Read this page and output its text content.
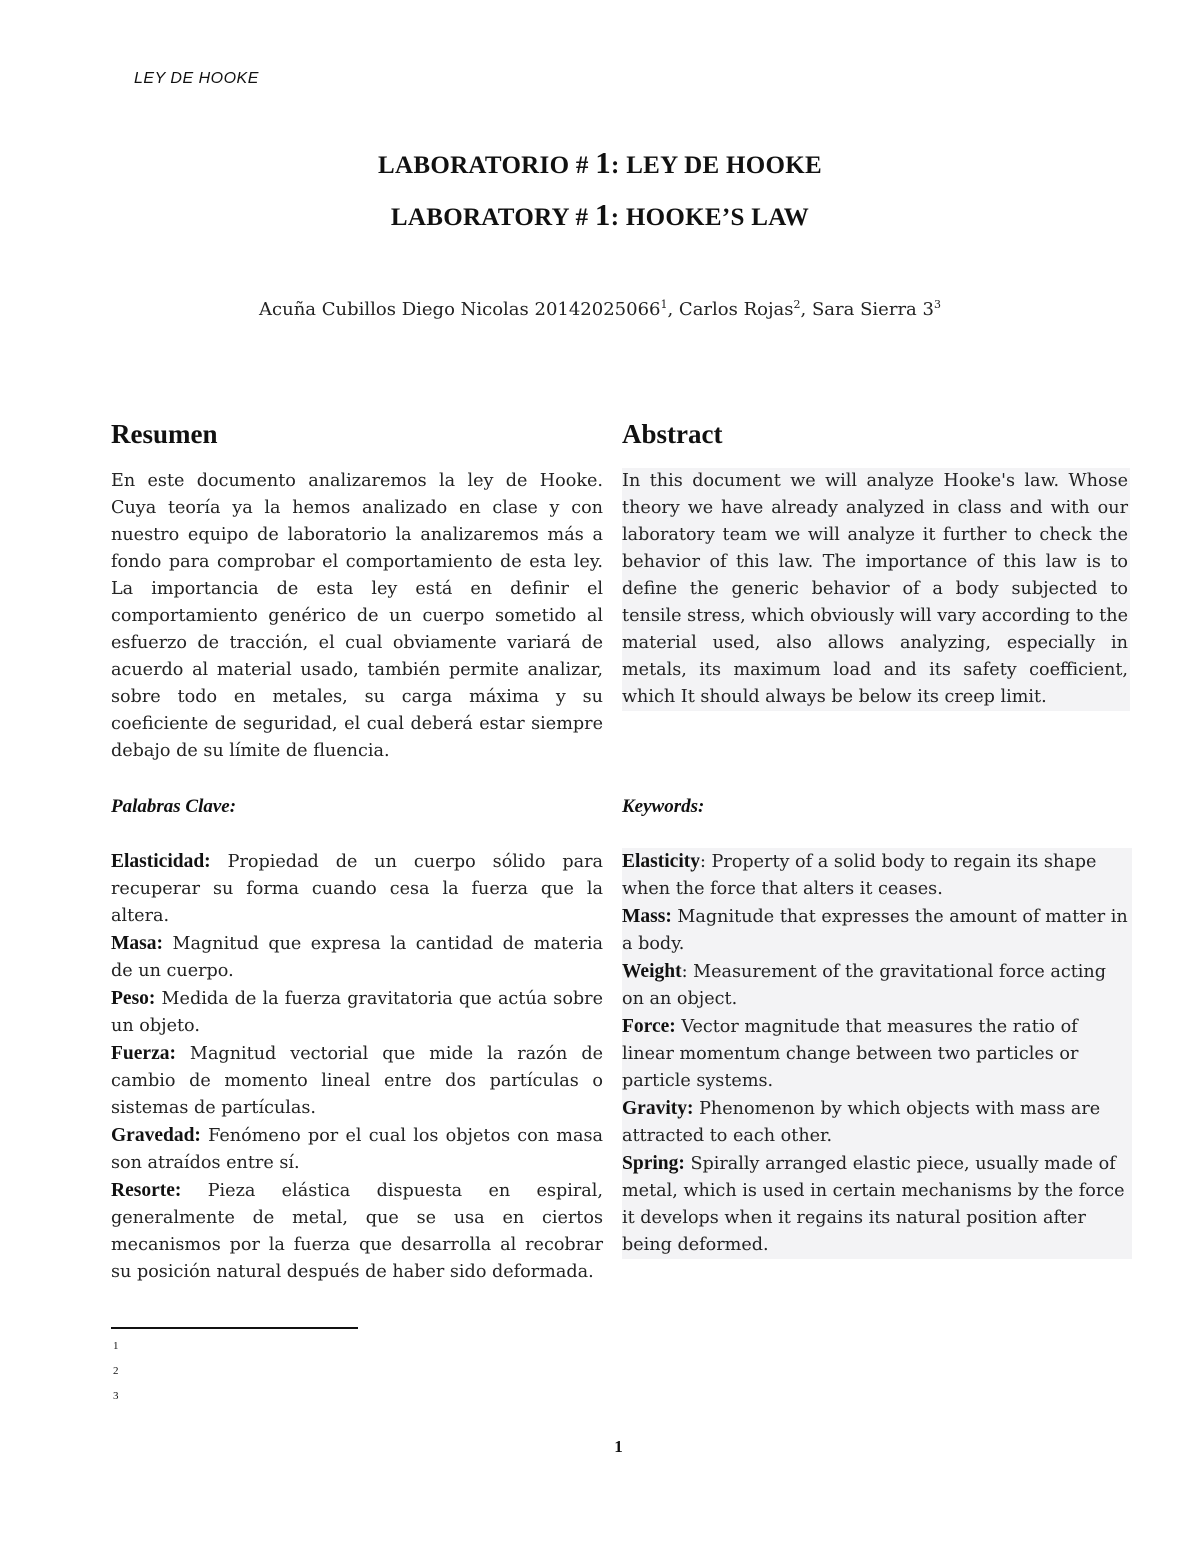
LEY DE HOOKE
LABORATORIO # 1: LEY DE HOOKE
LABORATORY # 1: HOOKE’S LAW
Acuña Cubillos Diego Nicolas 20142025066$^1$, Carlos Rojas$^2$, Sara Sierra $3^3$
Resumen

En este documento analizaremos la ley de Hooke. Cuya teoría ya la hemos analizado en clase y con nuestro equipo de laboratorio la analizaremos más a fondo para comprobar el comportamiento de esta ley. La importancia de esta ley está en definir el comportamiento genérico de un cuerpo sometido al esfuerzo de tracción, el cual obviamente variará de acuerdo al material usado, también permite analizar, sobre todo en metales, su carga máxima y su coeficiente de seguridad, el cual deberá estar siempre debajo de su límite de fluencia.

Abstract

In this document we will analyze Hooke's law. Whose theory we have already analyzed in class and with our laboratory team we will analyze it further to check the behavior of this law. The importance of this law is to define the generic behavior of a body subjected to tensile stress, which obviously will vary according to the material used, also allows analyzing, especially in metals, its maximum load and its safety coefficient, which It should always be below its creep limit.

Palabras Clave:	Keywords:

Elasticidad: Propiedad de un cuerpo sólido para recuperar su forma cuando cesa la fuerza que la altera.

Masa: Magnitud que expresa la cantidad de materia de un cuerpo.

Peso: Medida de la fuerza gravitatoria que actúa sobre un objeto.

Fuerza: Magnitud vectorial que mide la razón de cambio de momento lineal entre dos partículas o sistemas de partículas.

Gravedad: Fenómeno por el cual los objetos con masa son atraídos entre sí.

Resorte: Pieza elástica dispuesta en espiral, generalmente de metal, que se usa en ciertos mecanismos por la fuerza que desarrolla al recobrar su posición natural después de haber sido deformada.

Elasticity: Property of a solid body to regain its shape when the force that alters it ceases.

Mass: Magnitude that expresses the amount of matter in a body.

Weight: Measurement of the gravitational force acting on an object.

Force: Vector magnitude that measures the ratio of linear momentum change between two particles or particle systems.

Gravity: Phenomenon by which objects with mass are attracted to each other.

Spring: Spirally arranged elastic piece, usually made of metal, which is used in certain mechanisms by the force it develops when it regains its natural position after being deformed.

1
2
3
1
